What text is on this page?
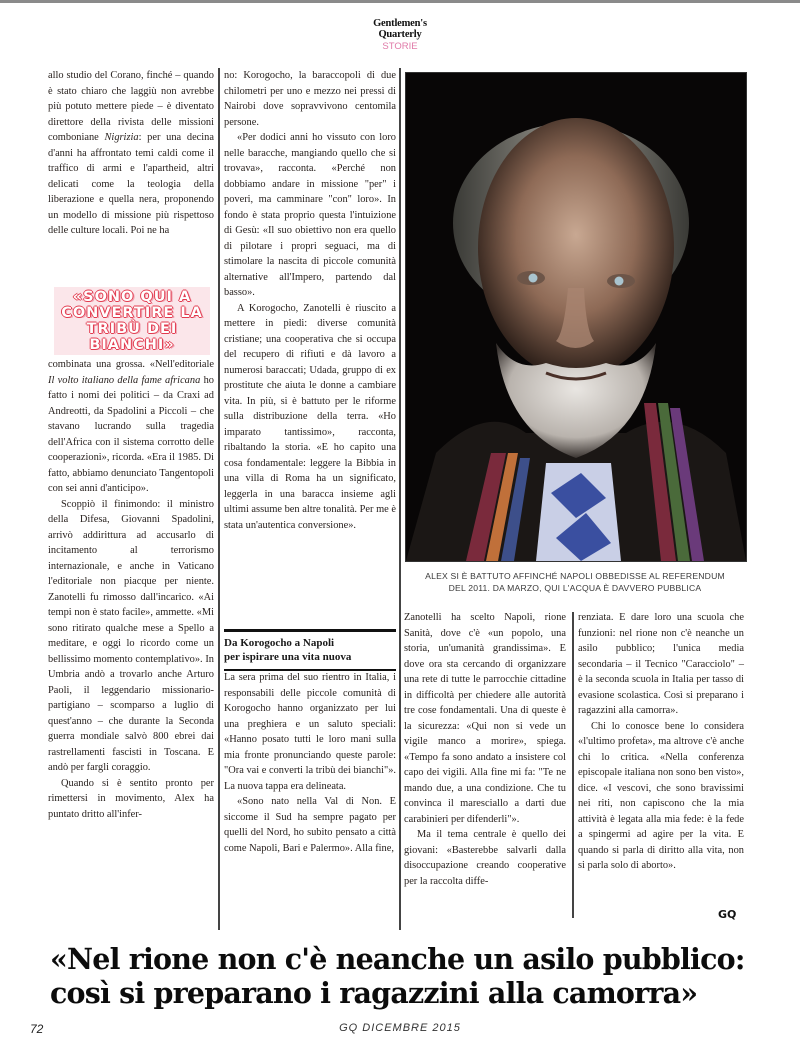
Gentlemen's
Quarterly
STORIE

allo studio del Corano, finché – quando è stato chiaro che laggiù non avrebbe più potuto mettere piede – è diventato direttore della rivista delle missioni comboniane Nigrizia: per una decina d'anni ha affrontato temi caldi come il traffico di armi e l'apartheid, altri delicati come la teologia della liberazione e quella nera, proponendo un modello di missione più rispettoso delle culture locali. Poi ne ha

«SONO QUI A CONVERTIRE LA TRIBÙ DEI BIANCHI»

combinata una grossa. «Nell'editoriale Il volto italiano della fame africana ho fatto i nomi dei politici – da Craxi ad Andreotti, da Spadolini a Piccoli – che stavano lucrando sulla tragedia dell'Africa con il sistema corrotto delle cooperazioni», ricorda. «Era il 1985. Di fatto, abbiamo denunciato Tangentopoli con sei anni d'anticipo».

Scoppiò il finimondo: il ministro della Difesa, Giovanni Spadolini, arrivò addirittura ad accusarlo di incitamento al terrorismo internazionale, e anche in Vaticano l'editoriale non piacque per niente. Zanotelli fu rimosso dall'incarico. «Ai tempi non è stato facile», ammette. «Mi sono ritirato qualche mese a Spello a meditare, e oggi lo ricordo come un bellissimo momento contemplativo». In Umbria andò a trovarlo anche Arturo Paoli, il leggendario missionario-partigiano – scomparso a luglio di quest'anno – che durante la Seconda guerra mondiale salvò 800 ebrei dai rastrellamenti fascisti in Toscana. E andò per fargli coraggio.

Quando si è sentito pronto per rimettersi in movimento, Alex ha puntato dritto all'infer-

no: Korogocho, la baraccopoli di due chilometri per uno e mezzo nei pressi di Nairobi dove sopravvivono centomila persone.

«Per dodici anni ho vissuto con loro nelle baracche, mangiando quello che si trovava», racconta. «Perché non dobbiamo andare in missione "per" i poveri, ma camminare "con" loro». In fondo è stata proprio questa l'intuizione di Gesù: «Il suo obiettivo non era quello di pilotare i propri seguaci, ma di stimolare la nascita di piccole comunità alternative all'Impero, partendo dal basso».

A Korogocho, Zanotelli è riuscito a mettere in piedi: diverse comunità cristiane; una cooperativa che si occupa del recupero di rifiuti e dà lavoro a numerosi baraccati; Udada, gruppo di ex prostitute che aiuta le donne a cambiare vita. In più, si è battuto per le riforme sulla distribuzione della terra. «Ho imparato tantissimo», racconta, ribaltando la storia. «E ho capito una cosa fondamentale: leggere la Bibbia in una villa di Roma ha un significato, leggerla in una baracca insieme agli ultimi assume ben altre tonalità. Per me è stata un'autentica conversione».

Da Korogocho a Napoli
per ispirare una vita nuova

La sera prima del suo rientro in Italia, i responsabili delle piccole comunità di Korogocho hanno organizzato per lui una preghiera e un saluto speciali: «Hanno posato tutti le loro mani sulla mia fronte pronunciando queste parole: "Ora vai e converti la tribù dei bianchi"». La nuova tappa era delineata.

«Sono nato nella Val di Non. E siccome il Sud ha sempre pagato per quelli del Nord, ho subito pensato a città come Napoli, Bari e Palermo». Alla fine,

ALEX SI È BATTUTO AFFINCHÉ NAPOLI OBBEDISSE AL REFERENDUM
DEL 2011. DA MARZO, QUI L'ACQUA È DAVVERO PUBBLICA

Zanotelli ha scelto Napoli, rione Sanità, dove c'è «un popolo, una storia, un'umanità grandissima». E dove ora sta cercando di organizzare una rete di tutte le parrocchie cittadine in difficoltà per chiedere alle autorità tre cose fondamentali. Una di queste è la sicurezza: «Qui non si vede un vigile manco a morire», spiega. «Tempo fa sono andato a insistere col capo dei vigili. Alla fine mi fa: "Te ne mando due, a una condizione. Che tu convinca il maresciallo a darti due carabinieri per difenderli"».

Ma il tema centrale è quello dei giovani: «Basterebbe salvarli dalla disoccupazione creando cooperative per la raccolta diffe-

renziata. E dare loro una scuola che funzioni: nel rione non c'è neanche un asilo pubblico; l'unica media secondaria – il Tecnico "Caracciolo" – è la seconda scuola in Italia per tasso di evasione scolastica. Così si preparano i ragazzini alla camorra».

Chi lo conosce bene lo considera «l'ultimo profeta», ma altrove c'è anche chi lo critica. «Nella conferenza episcopale italiana non sono ben visto», dice. «I vescovi, che sono bravissimi nei riti, non capiscono che la mia attività è legata alla mia fede: è la fede a spingermi ad agire per la vita. E quando si parla di diritto alla vita, non si parla solo di aborto».

GQ
«Nel rione non c'è neanche un asilo pubblico:
così si preparano i ragazzini alla camorra»
72	GQ DICEMBRE 2015
